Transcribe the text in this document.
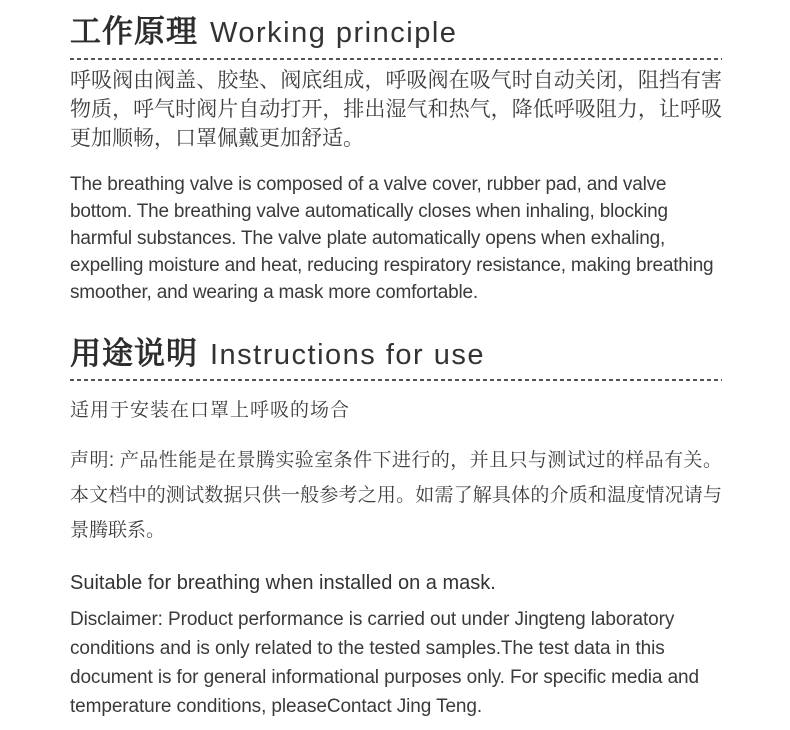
工作原理 Working principle

呼吸阀由阀盖、胶垫、阀底组成，呼吸阀在吸气时自动关闭，阻挡有害物质，呼气时阀片自动打开，排出湿气和热气，降低呼吸阻力，让呼吸更加顺畅，口罩佩戴更加舒适。

The breathing valve is composed of a valve cover, rubber pad, and valve bottom. The breathing valve automatically closes when inhaling, blocking harmful substances. The valve plate automatically opens when exhaling, expelling moisture and heat, reducing respiratory resistance, making breathing smoother, and wearing a mask more comfortable.

用途说明 Instructions for use

适用于安装在口罩上呼吸的场合

声明: 产品性能是在景腾实验室条件下进行的，并且只与测试过的样品有关。本文档中的测试数据只供一般参考之用。如需了解具体的介质和温度情况请与景腾联系。

Suitable for breathing when installed on a mask.

Disclaimer: Product performance is carried out under Jingteng laboratory conditions and is only related to the tested samples.The test data in this document is for general informational purposes only. For specific media and temperature conditions, pleaseContact Jing Teng.
